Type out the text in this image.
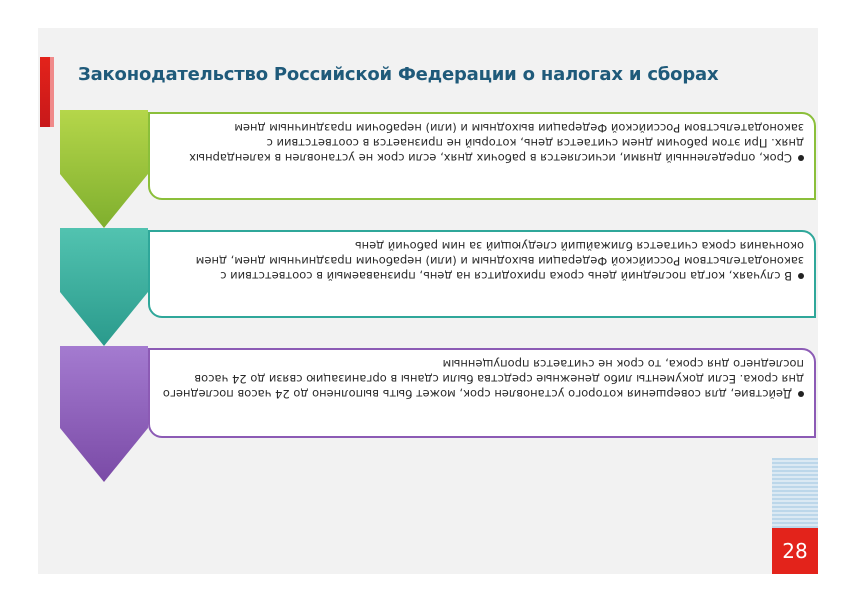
Законодательство Российской Федерации о налогах и сборах
Срок, определенный днями, исчисляется в рабочих днях, если срок не установлен в календарных днях. При этом рабочим днем считается день, который не признается в соответствии с законодательством Российской Федерации выходным и (или) нерабочим праздничным днем
В случаях, когда последний день срока приходится на день, признаваемый в соответствии с законодательством Российской Федерации выходным и (или) нерабочим праздничным днем, днем окончания срока считается ближайший следующий за ним рабочий день
Действие, для совершения которого установлен срок, может быть выполнено до 24 часов последнего дня срока. Если документы либо денежные средства были сданы в организацию связи до 24 часов последнего дня срока, то срок не считается пропущенным
28
